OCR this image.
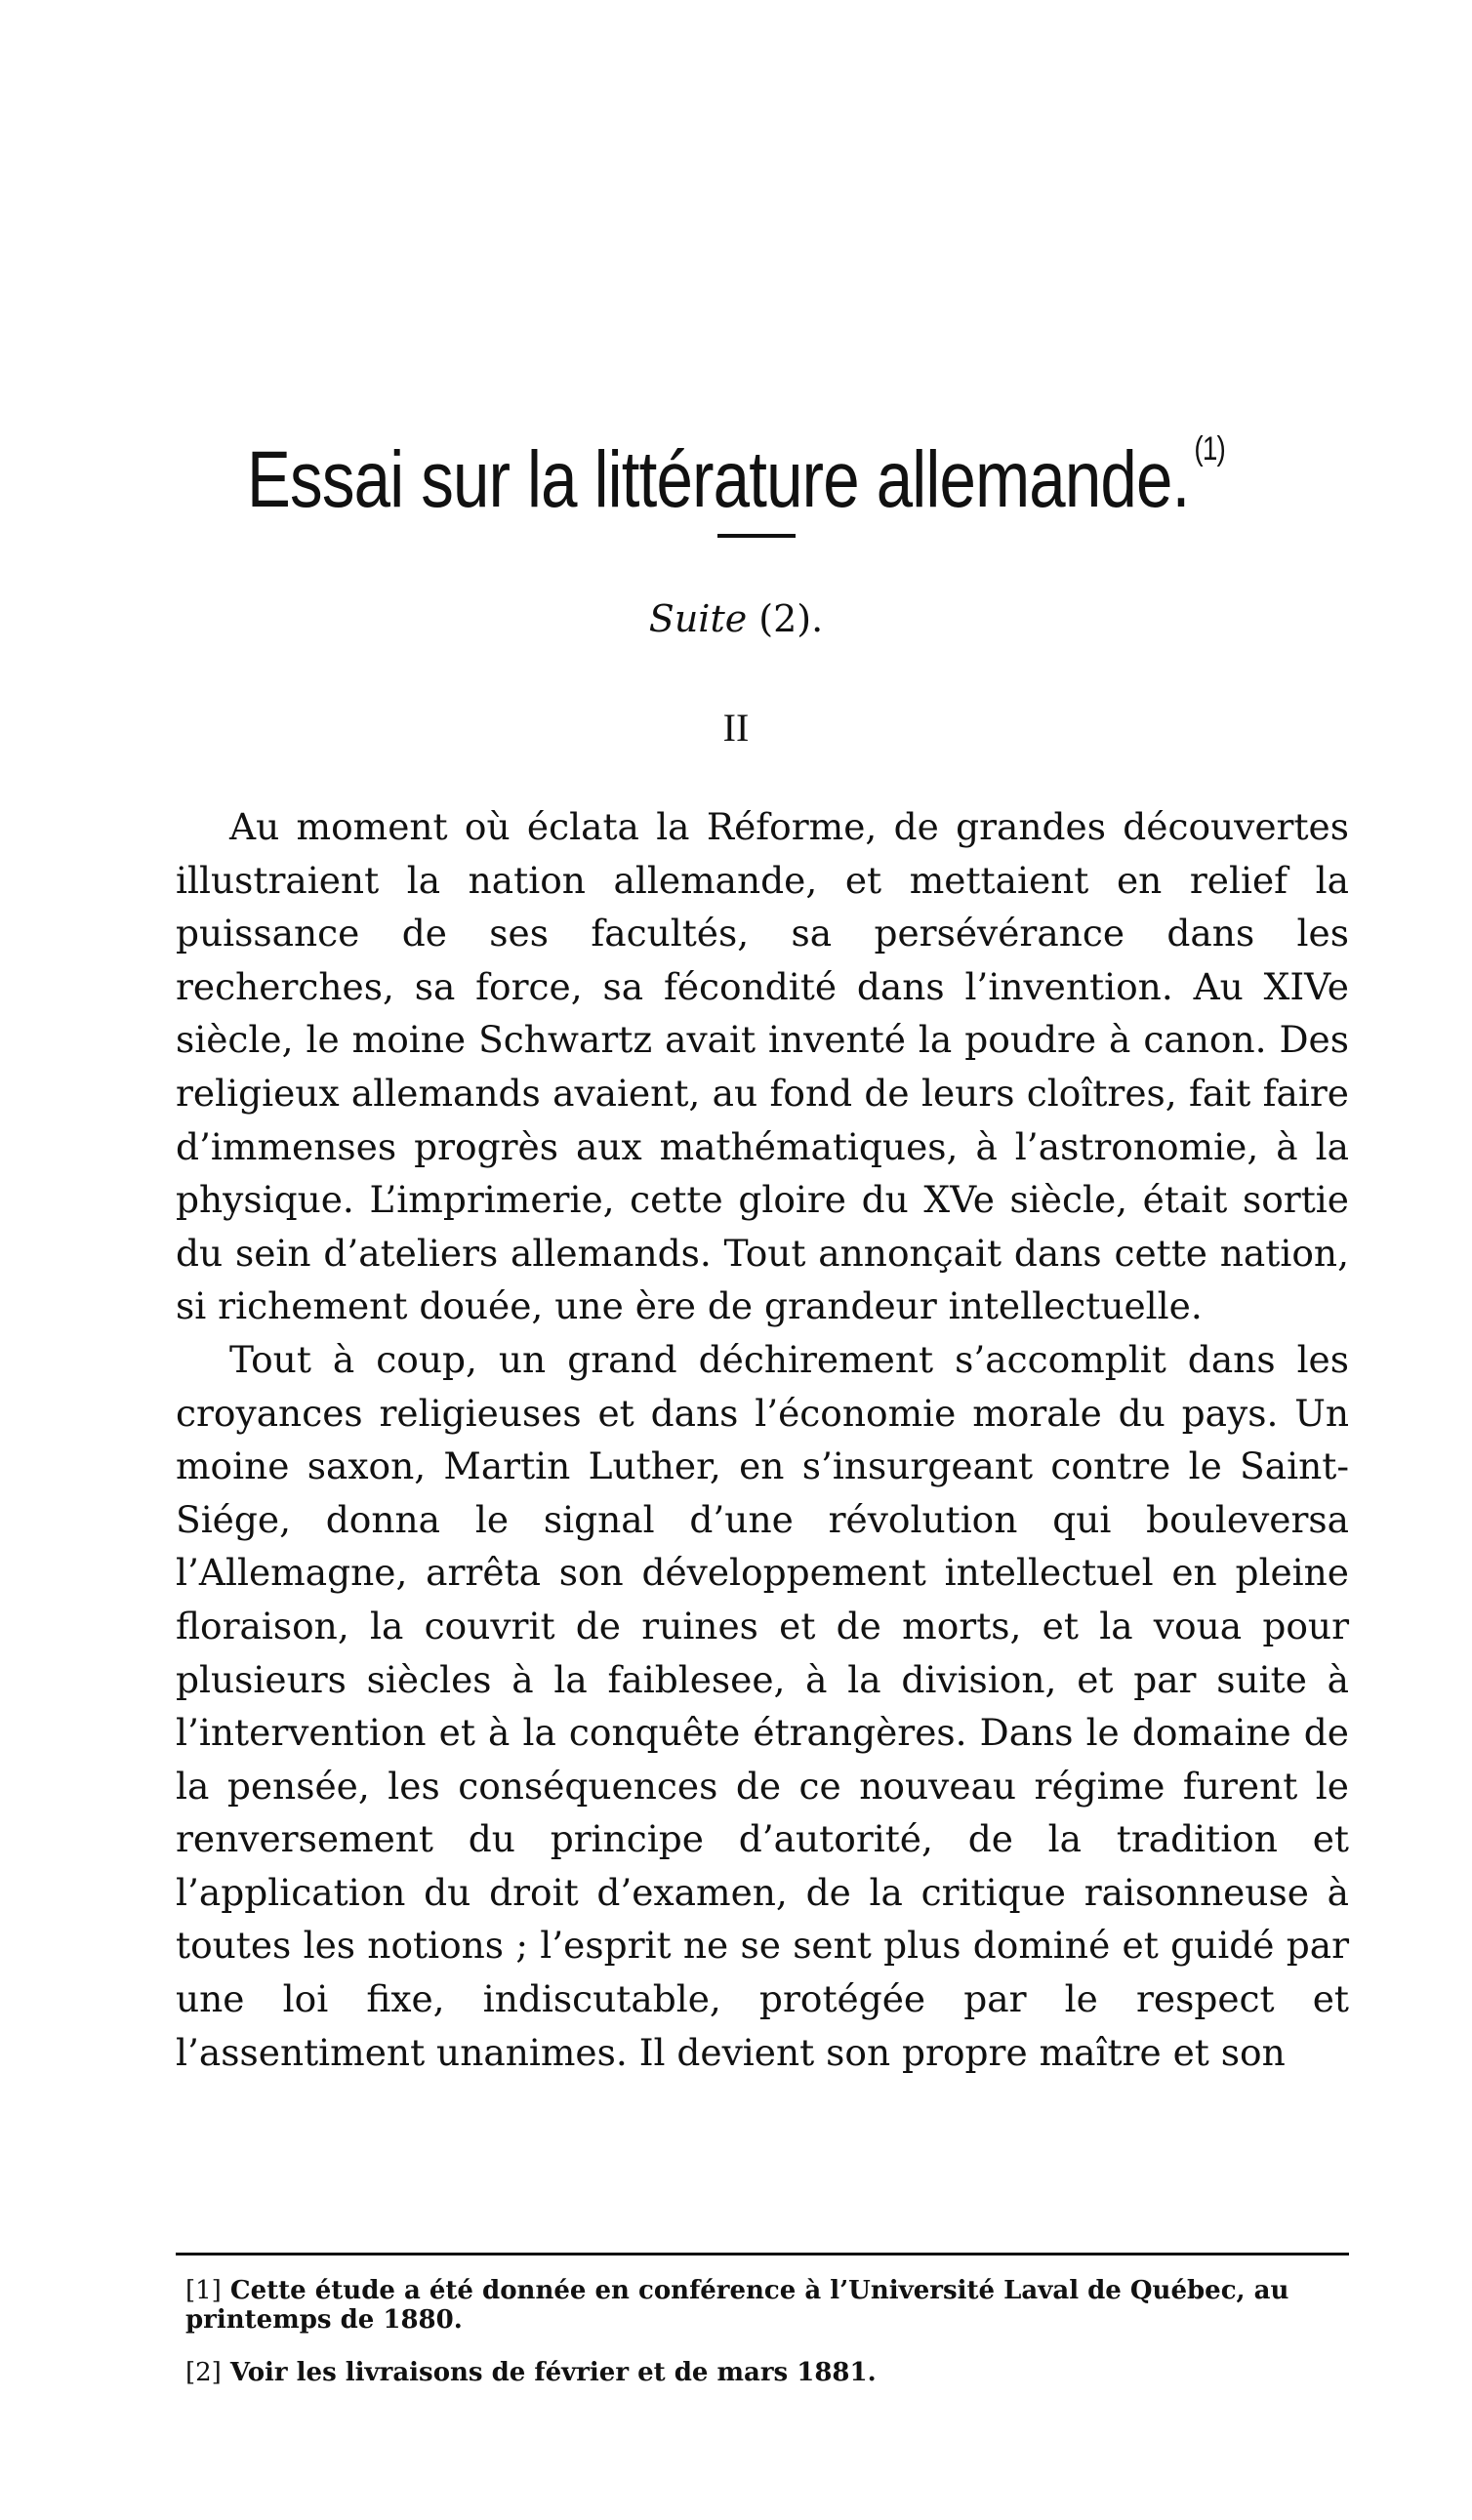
Essai sur la littérature allemande. $^{(1)}$
Suite (2).
II

Au moment où éclata la Réforme, de grandes découvertes illustraient la nation allemande, et mettaient en relief la puissance de ses facultés, sa persévérance dans les recherches, sa force, sa fécondité dans l’invention. Au XIVe siècle, le moine Schwartz avait inventé la poudre à canon. Des religieux allemands avaient, au fond de leurs cloîtres, fait faire d’immenses progrès aux mathématiques, à l’astronomie, à la physique. L’imprimerie, cette gloire du XVe siècle, était sortie du sein d’ateliers allemands. Tout annonçait dans cette nation, si richement douée, une ère de grandeur intellectuelle.

Tout à coup, un grand déchirement s’accomplit dans les croyances religieuses et dans l’économie morale du pays. Un moine saxon, Martin Luther, en s’insurgeant contre le Saint-Siége, donna le signal d’une révolution qui bouleversa l’Allemagne, arrêta son développement intellectuel en pleine floraison, la couvrit de ruines et de morts, et la voua pour plusieurs siècles à la faiblesee, à la division, et par suite à l’intervention et à la conquête étrangères. Dans le domaine de la pensée, les conséquences de ce nouveau régime furent le renversement du principe d’autorité, de la tradition et l’application du droit d’examen, de la critique raisonneuse à toutes les notions ; l’esprit ne se sent plus dominé et guidé par une loi fixe, indiscutable, protégée par le respect et l’assentiment unanimes. Il devient son propre maître et son

[1] Cette étude a été donnée en conférence à l’Université Laval de Québec, au printemps de 1880.
[2] Voir les livraisons de février et de mars 1881.
